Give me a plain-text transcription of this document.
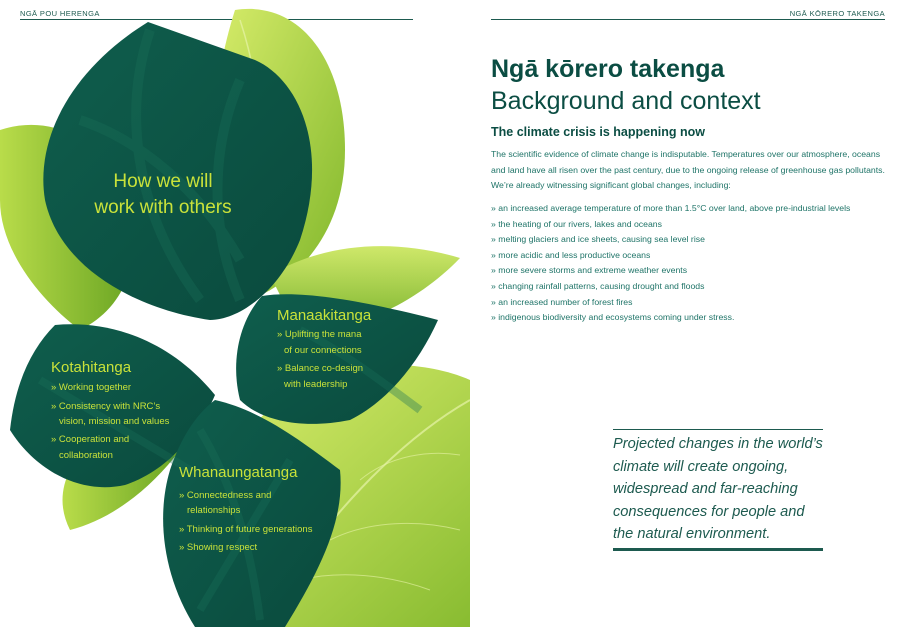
NGĀ POU HERENGA	NGĀ KŌRERO TAKENGA
How we will
work with others
Manaakitanga
» Uplifting the mana
of our connections
» Balance co-design
with leadership
Kotahitanga
» Working together
» Consistency with NRC’s
vision, mission and values
» Cooperation and
collaboration
Whanaungatanga
» Connectedness and
relationships
» Thinking of future generations
» Showing respect
Ngā kōrero takenga
Background and context
The climate crisis is happening now
The scientific evidence of climate change is indisputable. Temperatures over our atmosphere, oceans and land have all risen over the past century, due to the ongoing release of greenhouse gas pollutants. We’re already witnessing significant global changes, including:
» an increased average temperature of more than 1.5°C over land, above pre-industrial levels
» the heating of our rivers, lakes and oceans
» melting glaciers and ice sheets, causing sea level rise
» more acidic and less productive oceans
» more severe storms and extreme weather events
» changing rainfall patterns, causing drought and floods
» an increased number of forest fires
» indigenous biodiversity and ecosystems coming under stress.
Projected changes in the world’s
climate will create ongoing,
widespread and far-reaching
consequences for people and
the natural environment.
